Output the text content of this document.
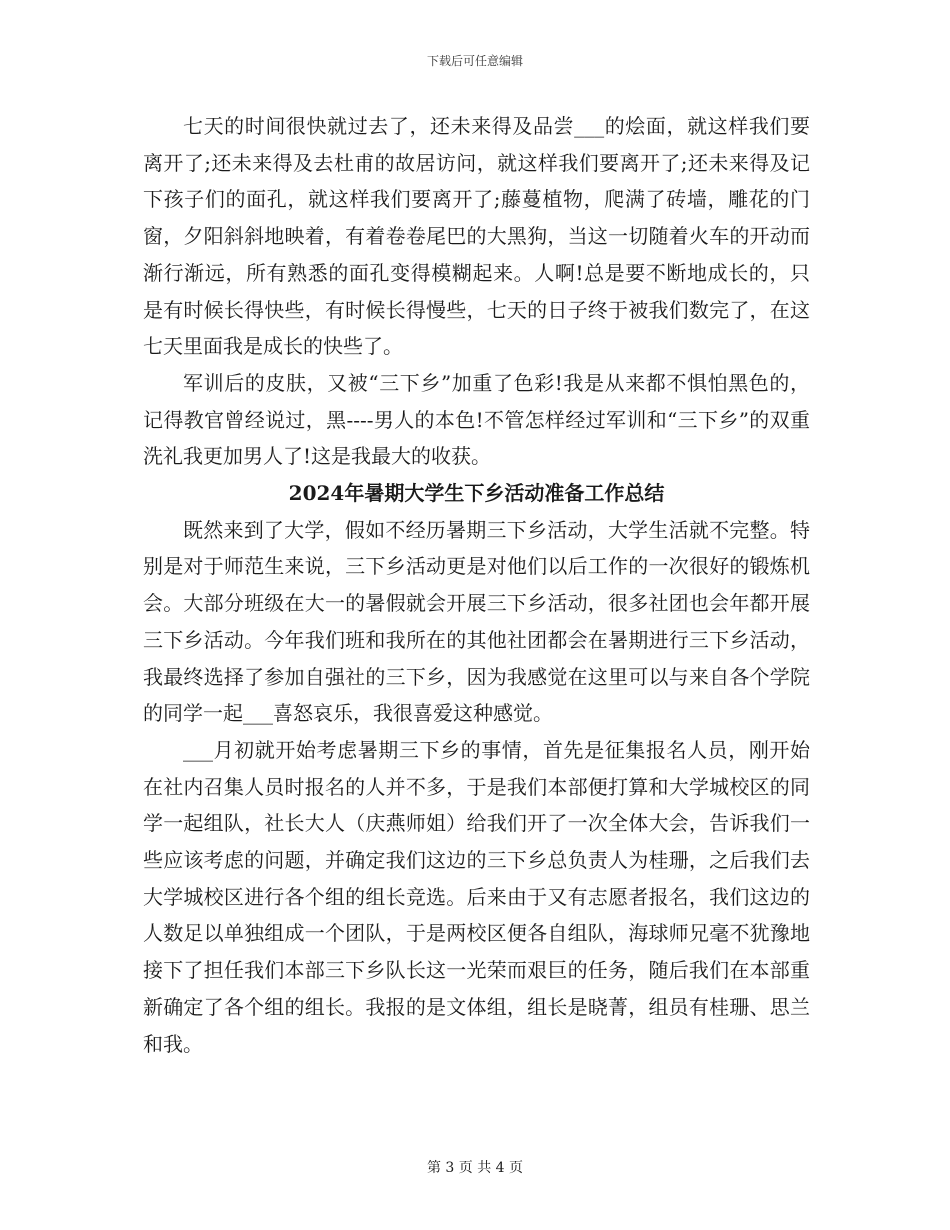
下载后可任意编辑

七天的时间很快就过去了，还未来得及品尝___的烩面，就这样我们要离开了;还未来得及去杜甫的故居访问，就这样我们要离开了;还未来得及记下孩子们的面孔，就这样我们要离开了;藤蔓植物，爬满了砖墙，雕花的门窗，夕阳斜斜地映着，有着卷卷尾巴的大黑狗，当这一切随着火车的开动而渐行渐远，所有熟悉的面孔变得模糊起来。人啊!总是要不断地成长的，只是有时候长得快些，有时候长得慢些，七天的日子终于被我们数完了，在这七天里面我是成长的快些了。

军训后的皮肤，又被“三下乡”加重了色彩!我是从来都不惧怕黑色的，记得教官曾经说过，黑----男人的本色!不管怎样经过军训和“三下乡”的双重洗礼我更加男人了!这是我最大的收获。

2024年暑期大学生下乡活动准备工作总结

既然来到了大学，假如不经历暑期三下乡活动，大学生活就不完整。特别是对于师范生来说，三下乡活动更是对他们以后工作的一次很好的锻炼机会。大部分班级在大一的暑假就会开展三下乡活动，很多社团也会年都开展三下乡活动。今年我们班和我所在的其他社团都会在暑期进行三下乡活动，我最终选择了参加自强社的三下乡，因为我感觉在这里可以与来自各个学院的同学一起___喜怒哀乐，我很喜爱这种感觉。

___月初就开始考虑暑期三下乡的事情，首先是征集报名人员，刚开始在社内召集人员时报名的人并不多，于是我们本部便打算和大学城校区的同学一起组队，社长大人（庆燕师姐）给我们开了一次全体大会，告诉我们一些应该考虑的问题，并确定我们这边的三下乡总负责人为桂珊，之后我们去大学城校区进行各个组的组长竞选。后来由于又有志愿者报名，我们这边的人数足以单独组成一个团队，于是两校区便各自组队，海球师兄毫不犹豫地接下了担任我们本部三下乡队长这一光荣而艰巨的任务，随后我们在本部重新确定了各个组的组长。我报的是文体组，组长是晓菁，组员有桂珊、思兰和我。

第 3 页 共 4 页
